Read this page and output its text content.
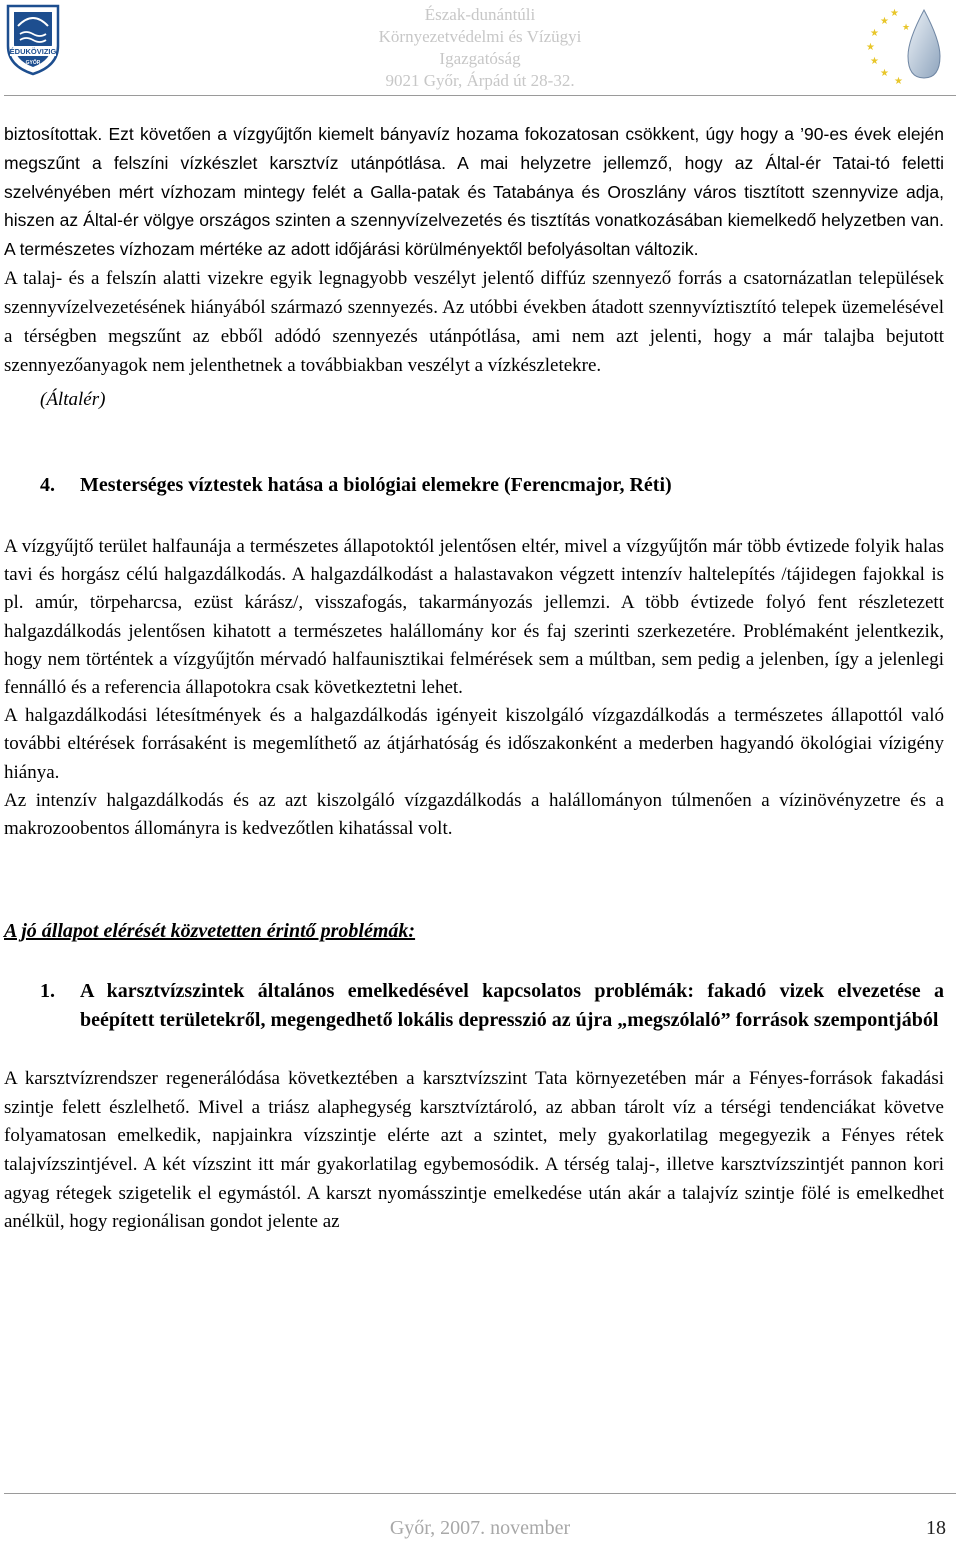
ÉDUKÖVIZIG
GYŐR
Észak-dunántúli
Környezetvédelmi és Vízügyi Igazgatóság
9021 Győr, Árpád út 28-32.
★
★
★
★
★
★
★
★

biztosítottak. Ezt követően a vízgyűjtőn kiemelt bányavíz hozama fokozatosan csökkent, úgy hogy a ’90-es évek elején megszűnt a felszíni vízkészlet karsztvíz utánpótlása. A mai helyzetre jellemző, hogy az Által-ér Tatai-tó feletti szelvényében mért vízhozam mintegy felét a Galla-patak és Tatabánya és Oroszlány város tisztított szennyvize adja, hiszen az Által-ér völgye országos szinten a szennyvízelvezetés és tisztítás vonatkozásában kiemelkedő helyzetben van. A természetes vízhozam mértéke az adott időjárási körülményektől befolyásoltan változik.

A talaj- és a felszín alatti vizekre egyik legnagyobb veszélyt jelentő diffúz szennyező forrás a csatornázatlan települések szennyvízelvezetésének hiányából származó szennyezés. Az utóbbi években átadott szennyvíztisztító telepek üzemelésével a térségben megszűnt az ebből adódó szennyezés utánpótlása, ami nem azt jelenti, hogy a már talajba bejutott szennyezőanyagok nem jelenthetnek a továbbiakban veszélyt a vízkészletekre.

(Általér)
4. Mesterséges víztestek hatása a biológiai elemekre (Ferencmajor, Réti)

A vízgyűjtő terület halfaunája a természetes állapotoktól jelentősen eltér, mivel a vízgyűjtőn már több évtizede folyik halas tavi és horgász célú halgazdálkodás. A halgazdálkodást a halastavakon végzett intenzív haltelepítés /tájidegen fajokkal is pl. amúr, törpeharcsa, ezüst kárász/, visszafogás, takarmányozás jellemzi. A több évtizede folyó fent részletezett halgazdálkodás jelentősen kihatott a természetes halállomány kor és faj szerinti szerkezetére. Problémaként jelentkezik, hogy nem történtek a vízgyűjtőn mérvadó halfaunisztikai felmérések sem a múltban, sem pedig a jelenben, így a jelenlegi fennálló és a referencia állapotokra csak következtetni lehet.

A halgazdálkodási létesítmények és a halgazdálkodás igényeit kiszolgáló vízgazdálkodás a természetes állapottól való további eltérések forrásaként is megemlíthető az átjárhatóság és időszakonként a mederben hagyandó ökológiai vízigény hiánya.

Az intenzív halgazdálkodás és az azt kiszolgáló vízgazdálkodás a halállományon túlmenően a vízinövényzetre és a makrozoobentos állományra is kedvezőtlen kihatással volt.

A jó állapot elérését közvetetten érintő problémák:
1. A karsztvízszintek általános emelkedésével kapcsolatos problémák: fakadó vizek elvezetése a beépített területekről, megengedhető lokális depresszió az újra „megszólaló” források szempontjából

A karsztvízrendszer regenerálódása következtében a karsztvízszint Tata környezetében már a Fényes-források fakadási szintje felett észlelhető. Mivel a triász alaphegység karsztvíztároló, az abban tárolt víz a térségi tendenciákat követve folyamatosan emelkedik, napjainkra vízszintje elérte azt a szintet, mely gyakorlatilag megegyezik a Fényes rétek talajvízszintjével. A két vízszint itt már gyakorlatilag egybemosódik. A térség talaj-, illetve karsztvízszintjét pannon kori agyag rétegek szigetelik el egymástól. A karszt nyomásszintje emelkedése után akár a talajvíz szintje fölé is emelkedhet anélkül, hogy regionálisan gondot jelente az

Győr, 2007. november	18
